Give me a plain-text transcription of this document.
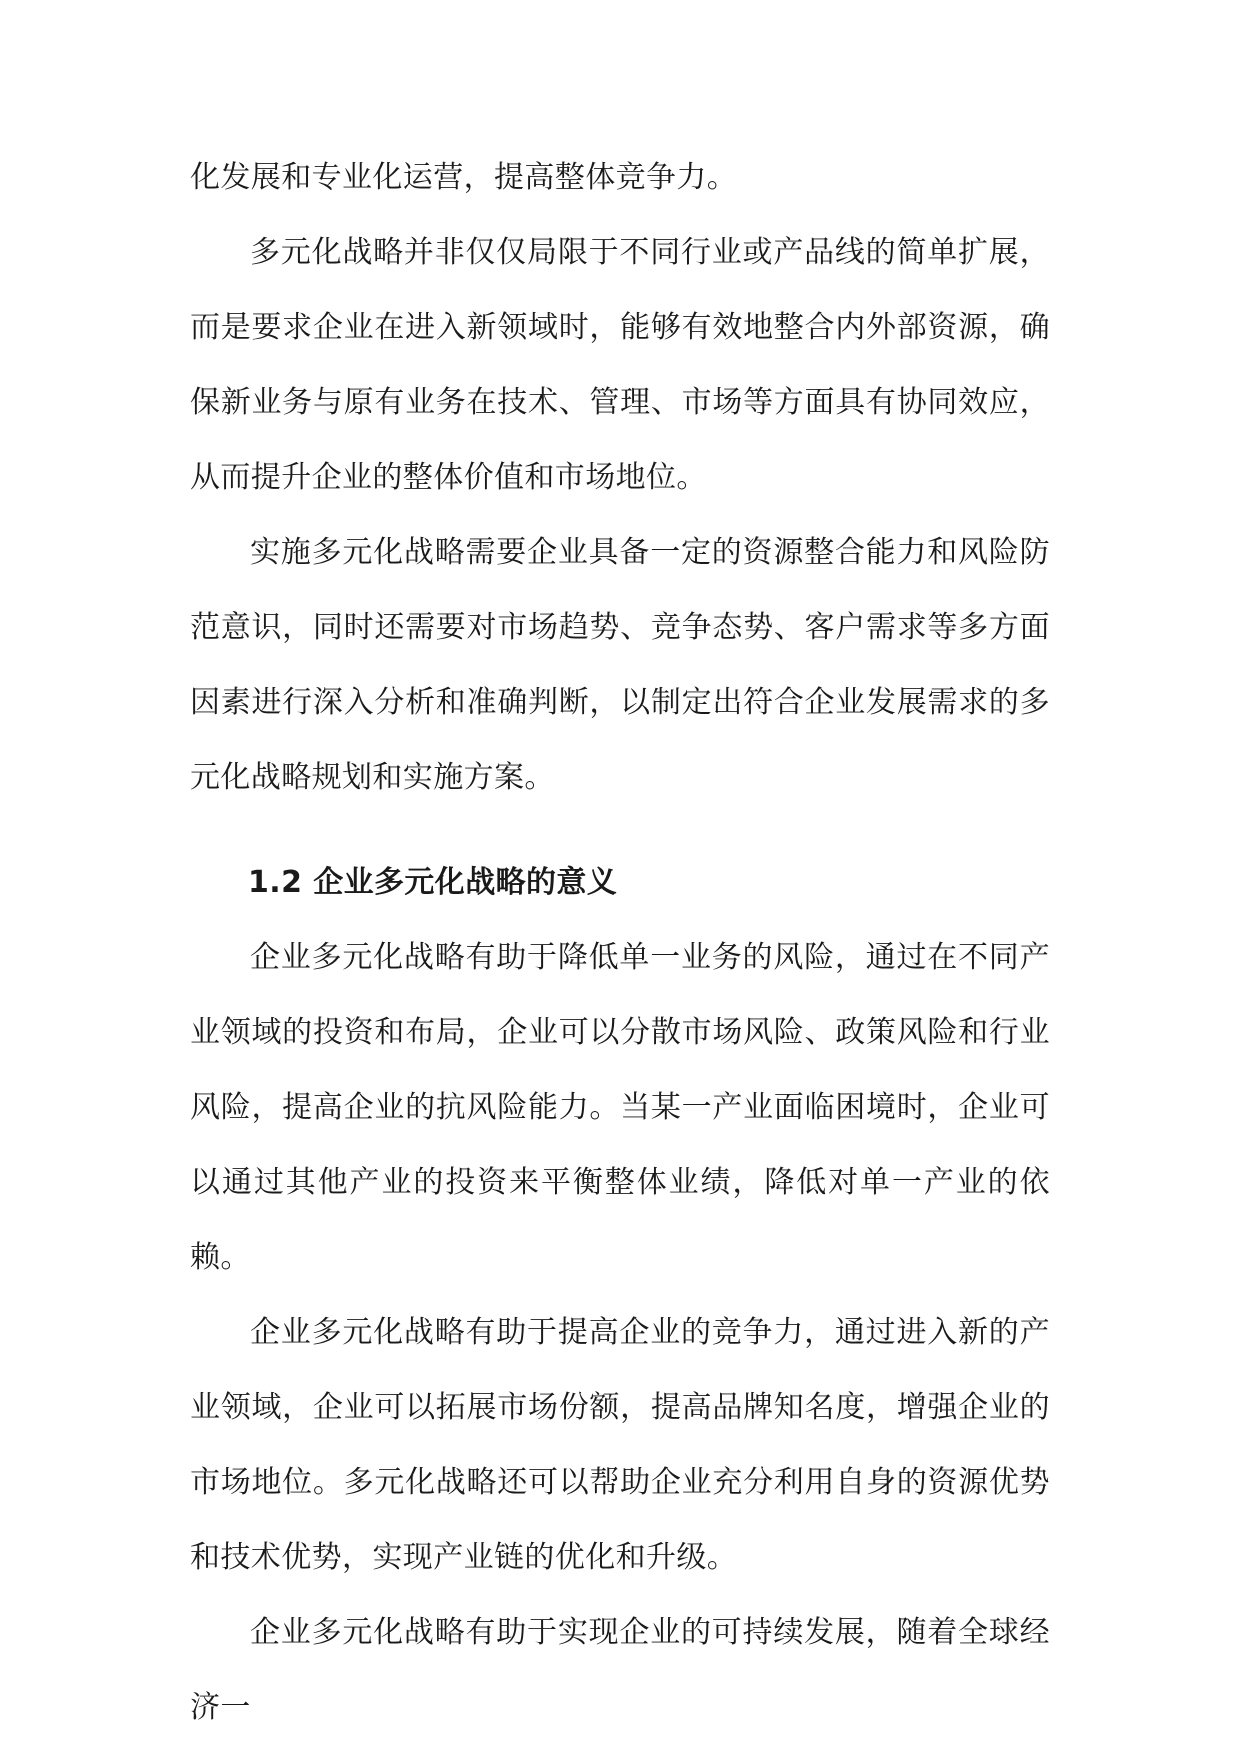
化发展和专业化运营，提高整体竞争力。

多元化战略并非仅仅局限于不同行业或产品线的简单扩展，而是要求企业在进入新领域时，能够有效地整合内外部资源，确保新业务与原有业务在技术、管理、市场等方面具有协同效应，从而提升企业的整体价值和市场地位。

实施多元化战略需要企业具备一定的资源整合能力和风险防范意识，同时还需要对市场趋势、竞争态势、客户需求等多方面因素进行深入分析和准确判断，以制定出符合企业发展需求的多元化战略规划和实施方案。

1.2 企业多元化战略的意义

企业多元化战略有助于降低单一业务的风险，通过在不同产业领域的投资和布局，企业可以分散市场风险、政策风险和行业风险，提高企业的抗风险能力。当某一产业面临困境时，企业可以通过其他产业的投资来平衡整体业绩，降低对单一产业的依赖。

企业多元化战略有助于提高企业的竞争力，通过进入新的产业领域，企业可以拓展市场份额，提高品牌知名度，增强企业的市场地位。多元化战略还可以帮助企业充分利用自身的资源优势和技术优势，实现产业链的优化和升级。

企业多元化战略有助于实现企业的可持续发展，随着全球经济一
